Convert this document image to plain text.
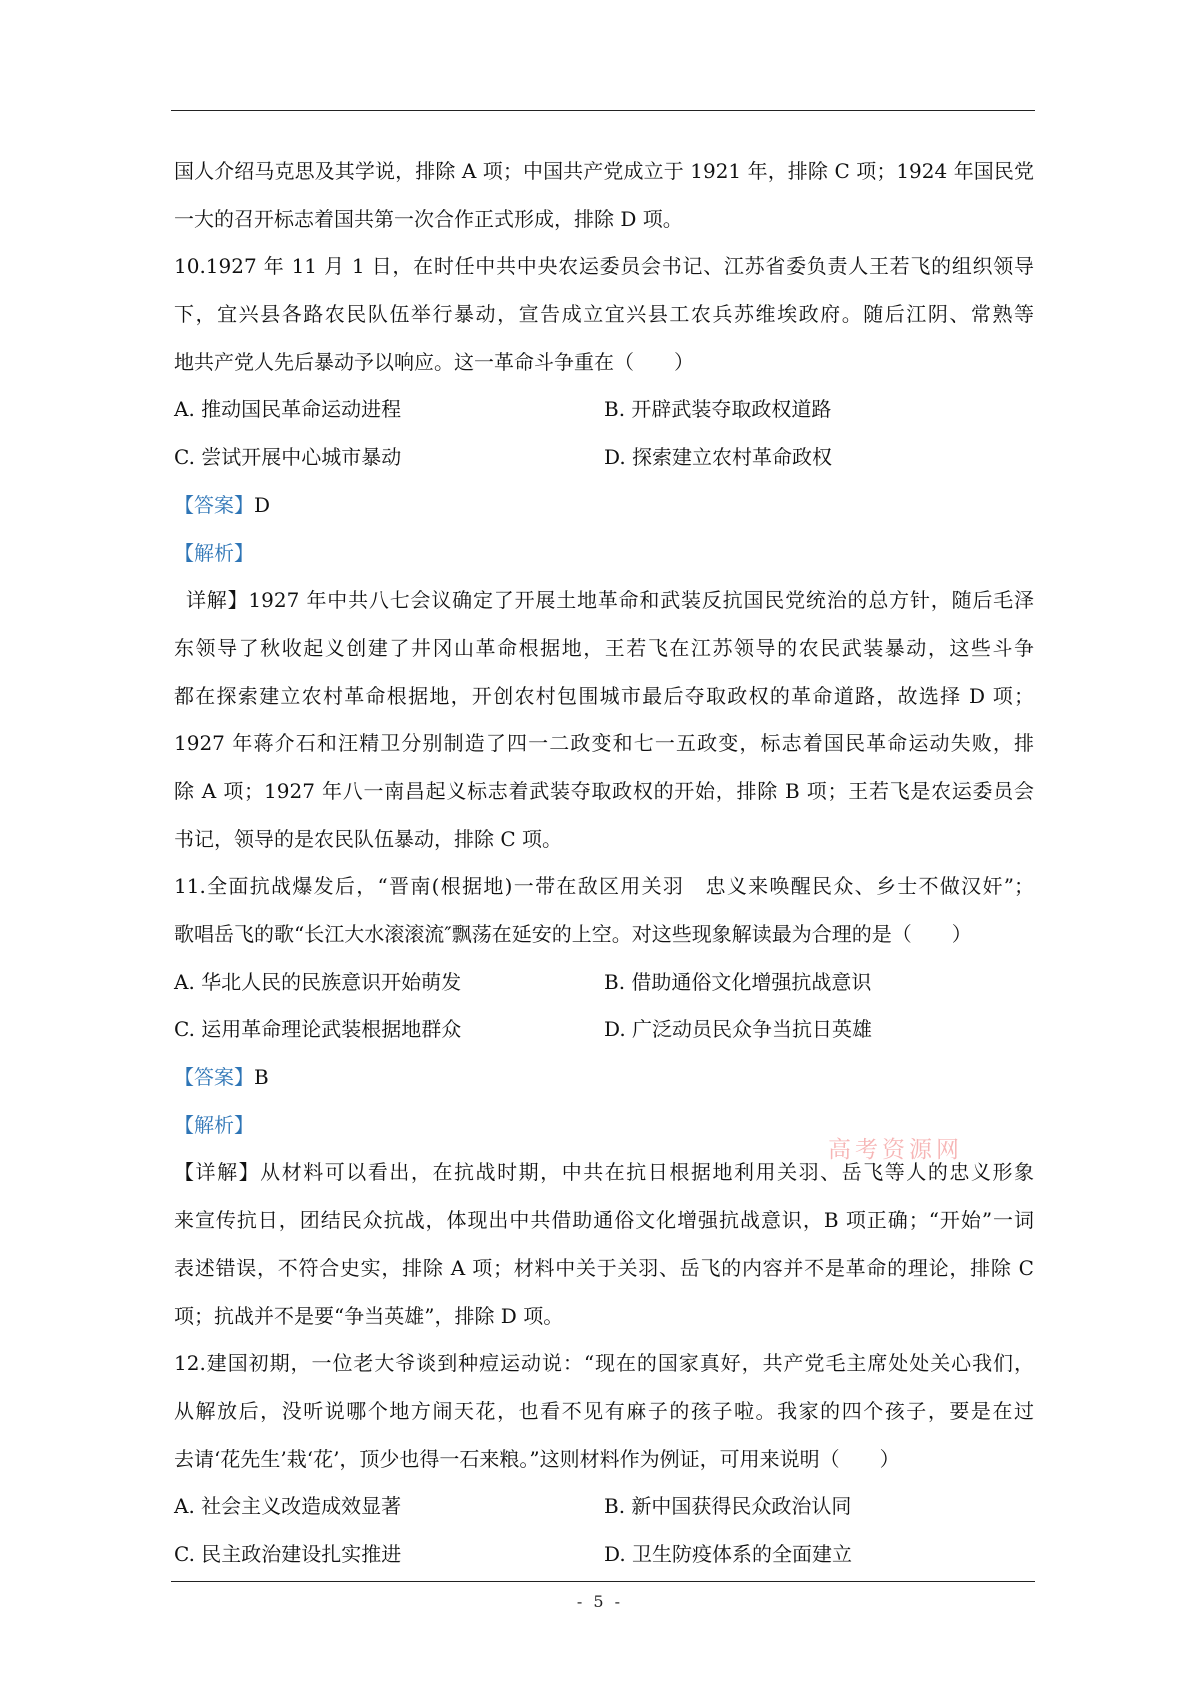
国人介绍马克思及其学说，排除 A 项；中国共产党成立于 1921 年，排除 C 项；1924 年国民党
一大的召开标志着国共第一次合作正式形成，排除 D 项。
10.1927 年 11 月 1 日，在时任中共中央农运委员会书记、江苏省委负责人王若飞的组织领导
下，宜兴县各路农民队伍举行暴动，宣告成立宜兴县工农兵苏维埃政府。随后江阴、常熟等
地共产党人先后暴动予以响应。这一革命斗争重在（　　）
A. 推动国民革命运动进程	B. 开辟武装夺取政权道路
C. 尝试开展中心城市暴动	D. 探索建立农村革命政权
【答案】D
【解析】
详解】1927 年中共八七会议确定了开展土地革命和武装反抗国民党统治的总方针，随后毛泽
东领导了秋收起义创建了井冈山革命根据地，王若飞在江苏领导的农民武装暴动，这些斗争
都在探索建立农村革命根据地，开创农村包围城市最后夺取政权的革命道路，故选择 D 项；
1927 年蒋介石和汪精卫分别制造了四一二政变和七一五政变，标志着国民革命运动失败，排
除 A 项；1927 年八一南昌起义标志着武装夺取政权的开始，排除 B 项；王若飞是农运委员会
书记，领导的是农民队伍暴动，排除 C 项。
11.全面抗战爆发后，“晋南(根据地)一带在敌区用关羽　忠义来唤醒民众、乡士不做汉奸”；
歌唱岳飞的歌“长江大水滚滚流″飘荡在延安的上空。对这些现象解读最为合理的是（　　）
A. 华北人民的民族意识开始萌发	B. 借助通俗文化增强抗战意识
C. 运用革命理论武装根据地群众	D. 广泛动员民众争当抗日英雄
【答案】B
【解析】
【详解】从材料可以看出，在抗战时期，中共在抗日根据地利用关羽、岳飞等人的忠义形象
来宣传抗日，团结民众抗战，体现出中共借助通俗文化增强抗战意识，B 项正确；“开始”一词
表述错误，不符合史实，排除 A 项；材料中关于关羽、岳飞的内容并不是革命的理论，排除 C
项；抗战并不是要“争当英雄”，排除 D 项。
12.建国初期，一位老大爷谈到种痘运动说：“现在的国家真好，共产党毛主席处处关心我们，
从解放后，没听说哪个地方闹天花，也看不见有麻子的孩子啦。我家的四个孩子，要是在过
去请‘花先生’栽‘花’，顶少也得一石来粮。”这则材料作为例证，可用来说明（　　）
A. 社会主义改造成效显著	B. 新中国获得民众政治认同
C. 民主政治建设扎实推进	D. 卫生防疫体系的全面建立
高考资源网
- 5 -
